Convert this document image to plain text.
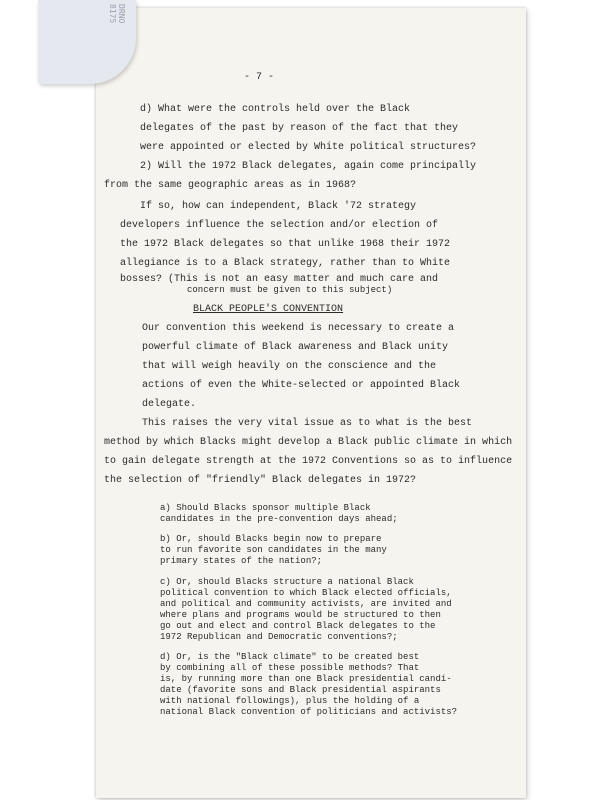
- 7 -
d) What were the controls held over the Black
delegates of the past by reason of the fact that they
were appointed or elected by White political structures?
2) Will the 1972 Black delegates, again come principally
from the same geographic areas as in 1968?
If so, how can independent, Black '72 strategy
developers influence the selection and/or election of
the 1972 Black delegates so that unlike 1968 their 1972
allegiance is to a Black strategy, rather than to White
bosses? (This is not an easy matter and much care and
concern must be given to this subject)
BLACK PEOPLE'S CONVENTION
Our convention this weekend is necessary to create a
powerful climate of Black awareness and Black unity
that will weigh heavily on the conscience and the
actions of even the White-selected or appointed Black
delegate.
This raises the very vital issue as to what is the best
method by which Blacks might develop a Black public climate in which
to gain delegate strength at the 1972 Conventions so as to influence
the selection of "friendly" Black delegates in 1972?
a) Should Blacks sponsor multiple Black
candidates in the pre-convention days ahead;
b) Or, should Blacks begin now to prepare
to run favorite son candidates in the many
primary states of the nation?;
c) Or, should Blacks structure a national Black
political convention to which Black elected officials,
and political and community activists, are invited and
where plans and programs would be structured to then
go out and elect and control Black delegates to the
1972 Republican and Democratic conventions?;
d) Or, is the "Black climate" to be created best
by combining all of these possible methods? That
is, by running more than one Black presidential candi-
date (favorite sons and Black presidential aspirants
with national followings), plus the holding of a
national Black convention of politicians and activists?
DRNO 8175
